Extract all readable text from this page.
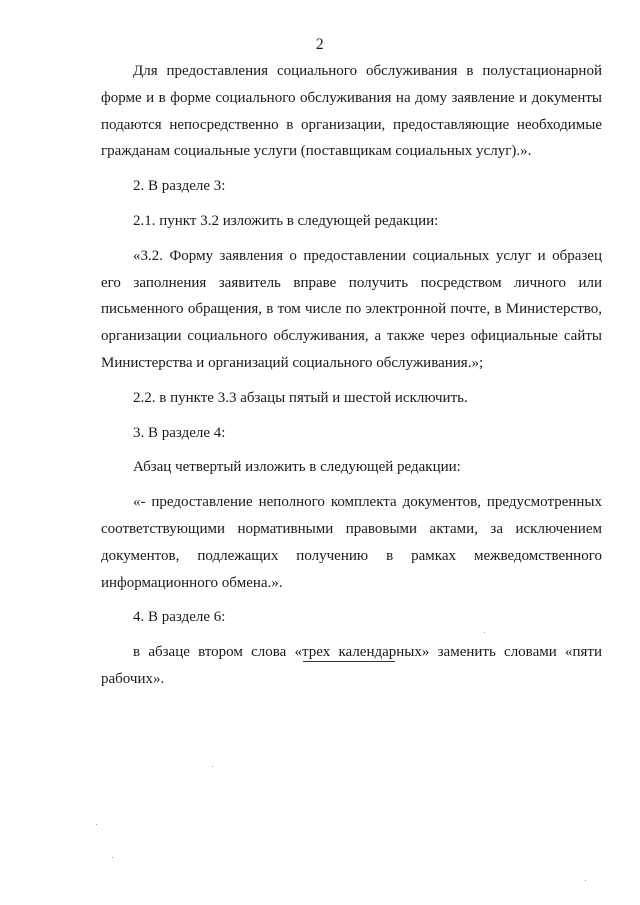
2

Для предоставления социального обслуживания в полустационарной форме и в форме социального обслуживания на дому заявление и документы подаются непосредственно в организации, предоставляющие необходимые гражданам социальные услуги (поставщикам социальных услуг).».

2. В разделе 3:

2.1. пункт 3.2 изложить в следующей редакции:

«3.2. Форму заявления о предоставлении социальных услуг и образец его заполнения заявитель вправе получить посредством личного или письменного обращения, в том числе по электронной почте, в Министерство, организации социального обслуживания, а также через официальные сайты Министерства и организаций социального обслуживания.»;

2.2. в пункте 3.3 абзацы пятый и шестой исключить.

3. В разделе 4:

Абзац четвертый изложить в следующей редакции:

«- предоставление неполного комплекта документов, предусмотренных соответствующими нормативными правовыми актами, за исключением документов, подлежащих получению в рамках межведомственного информационного обмена.».

4. В разделе 6:

в абзаце втором слова «трех календарных» заменить словами «пяти рабочих».
